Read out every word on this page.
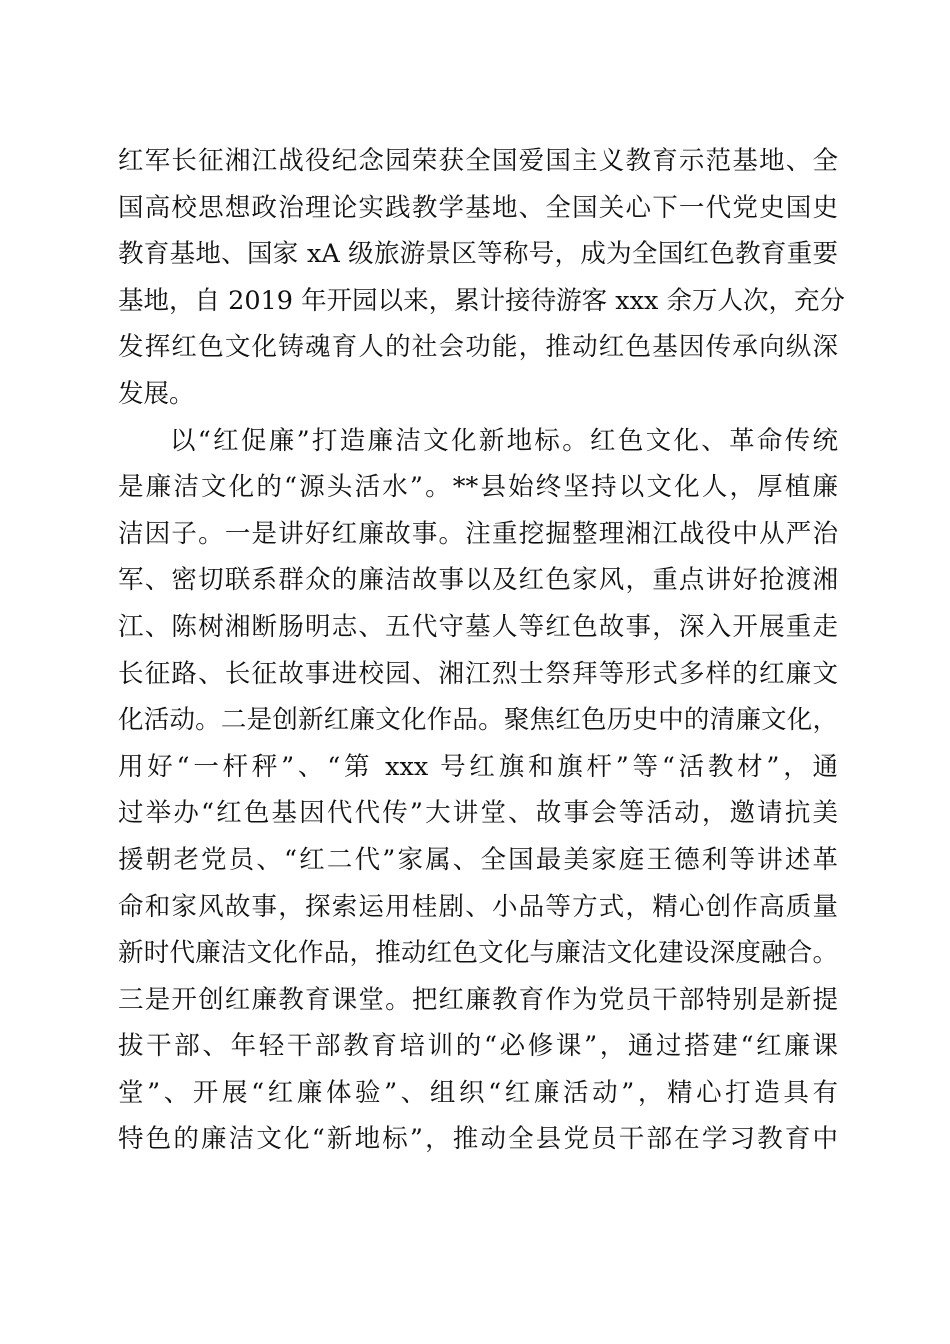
红军长征湘江战役纪念园荣获全国爱国主义教育示范基地、全
国高校思想政治理论实践教学基地、全国关心下一代党史国史
教育基地、国家 xA 级旅游景区等称号，成为全国红色教育重要
基地，自 2019 年开园以来，累计接待游客 xxx 余万人次，充分
发挥红色文化铸魂育人的社会功能，推动红色基因传承向纵深
发展。
以“红促廉”打造廉洁文化新地标。红色文化、革命传统
是廉洁文化的“源头活水”。**县始终坚持以文化人，厚植廉
洁因子。一是讲好红廉故事。注重挖掘整理湘江战役中从严治
军、密切联系群众的廉洁故事以及红色家风，重点讲好抢渡湘
江、陈树湘断肠明志、五代守墓人等红色故事，深入开展重走
长征路、长征故事进校园、湘江烈士祭拜等形式多样的红廉文
化活动。二是创新红廉文化作品。聚焦红色历史中的清廉文化，
用好“一杆秤”、“第 xxx 号红旗和旗杆”等“活教材”，通
过举办“红色基因代代传”大讲堂、故事会等活动，邀请抗美
援朝老党员、“红二代”家属、全国最美家庭王德利等讲述革
命和家风故事，探索运用桂剧、小品等方式，精心创作高质量
新时代廉洁文化作品，推动红色文化与廉洁文化建设深度融合。
三是开创红廉教育课堂。把红廉教育作为党员干部特别是新提
拔干部、年轻干部教育培训的“必修课”，通过搭建“红廉课
堂”、开展“红廉体验”、组织“红廉活动”，精心打造具有
特色的廉洁文化“新地标”，推动全县党员干部在学习教育中
